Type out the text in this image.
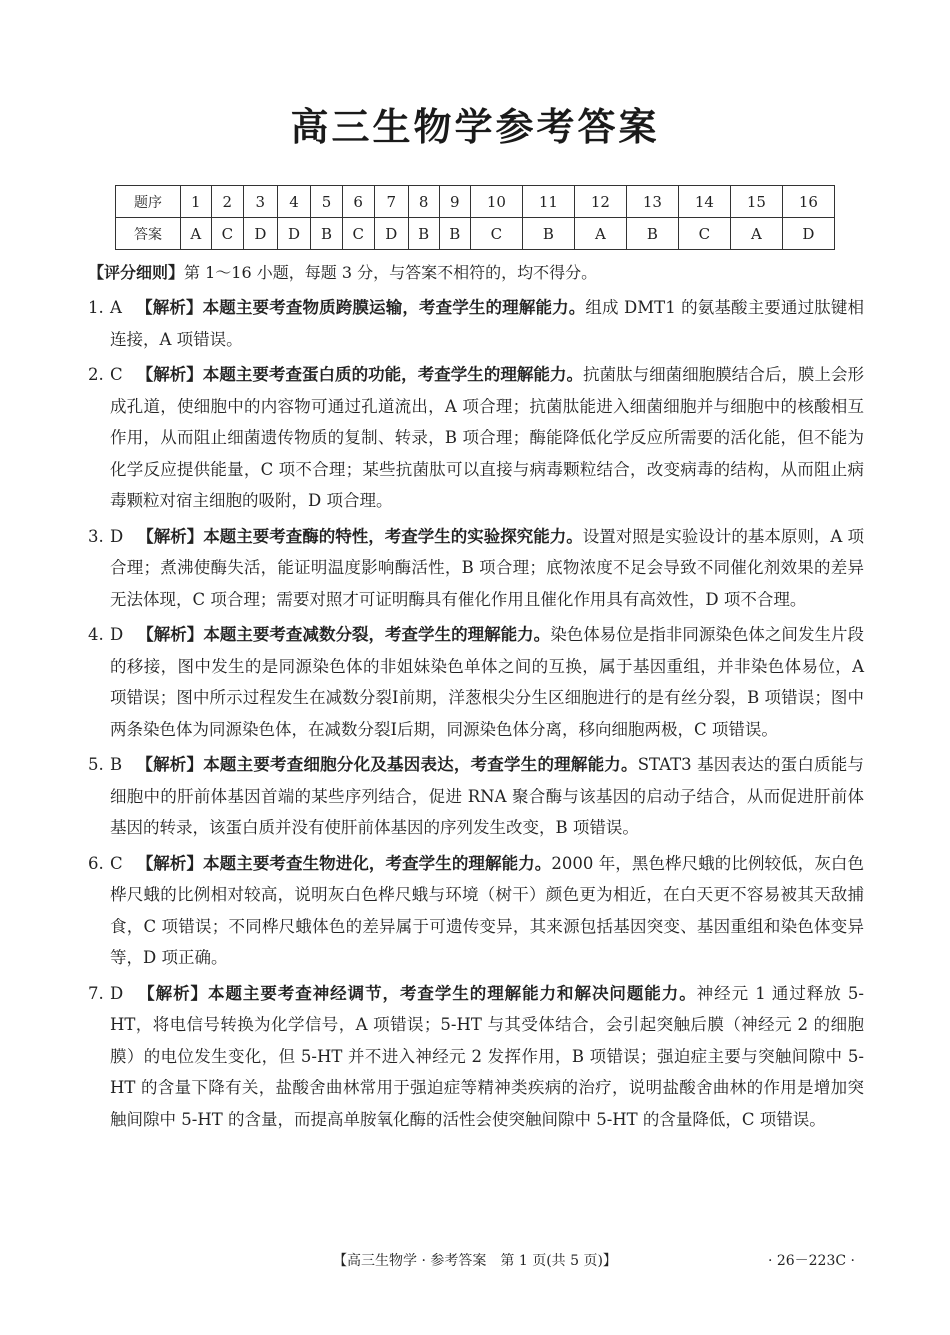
高三生物学参考答案
题序	1	2	3	4	5	6	7	8	9	10	11	12	13	14	15	16
答案	A	C	D	D	B	C	D	B	B	C	B	A	B	C	A	D
【评分细则】第 1～16 小题，每题 3 分，与答案不相符的，均不得分。
1. A 【解析】本题主要考查物质跨膜运输，考查学生的理解能力。组成 DMT1 的氨基酸主要通过肽键相连接，A 项错误。
2. C 【解析】本题主要考查蛋白质的功能，考查学生的理解能力。抗菌肽与细菌细胞膜结合后，膜上会形成孔道，使细胞中的内容物可通过孔道流出，A 项合理；抗菌肽能进入细菌细胞并与细胞中的核酸相互作用，从而阻止细菌遗传物质的复制、转录，B 项合理；酶能降低化学反应所需要的活化能，但不能为化学反应提供能量，C 项不合理；某些抗菌肽可以直接与病毒颗粒结合，改变病毒的结构，从而阻止病毒颗粒对宿主细胞的吸附，D 项合理。
3. D 【解析】本题主要考查酶的特性，考查学生的实验探究能力。设置对照是实验设计的基本原则，A 项合理；煮沸使酶失活，能证明温度影响酶活性，B 项合理；底物浓度不足会导致不同催化剂效果的差异无法体现，C 项合理；需要对照才可证明酶具有催化作用且催化作用具有高效性，D 项不合理。
4. D 【解析】本题主要考查减数分裂，考查学生的理解能力。染色体易位是指非同源染色体之间发生片段的移接，图中发生的是同源染色体的非姐妹染色单体之间的互换，属于基因重组，并非染色体易位，A 项错误；图中所示过程发生在减数分裂Ⅰ前期，洋葱根尖分生区细胞进行的是有丝分裂，B 项错误；图中两条染色体为同源染色体，在减数分裂Ⅰ后期，同源染色体分离，移向细胞两极，C 项错误。
5. B 【解析】本题主要考查细胞分化及基因表达，考查学生的理解能力。STAT3 基因表达的蛋白质能与细胞中的肝前体基因首端的某些序列结合，促进 RNA 聚合酶与该基因的启动子结合，从而促进肝前体基因的转录，该蛋白质并没有使肝前体基因的序列发生改变，B 项错误。
6. C 【解析】本题主要考查生物进化，考查学生的理解能力。2000 年，黑色桦尺蛾的比例较低，灰白色桦尺蛾的比例相对较高，说明灰白色桦尺蛾与环境（树干）颜色更为相近，在白天更不容易被其天敌捕食，C 项错误；不同桦尺蛾体色的差异属于可遗传变异，其来源包括基因突变、基因重组和染色体变异等，D 项正确。
7. D 【解析】本题主要考查神经调节，考查学生的理解能力和解决问题能力。神经元 1 通过释放 5-HT，将电信号转换为化学信号，A 项错误；5-HT 与其受体结合，会引起突触后膜（神经元 2 的细胞膜）的电位发生变化，但 5-HT 并不进入神经元 2 发挥作用，B 项错误；强迫症主要与突触间隙中 5-HT 的含量下降有关，盐酸舍曲林常用于强迫症等精神类疾病的治疗，说明盐酸舍曲林的作用是增加突触间隙中 5-HT 的含量，而提高单胺氧化酶的活性会使突触间隙中 5-HT 的含量降低，C 项错误。
【高三生物学 · 参考答案　第 1 页(共 5 页)】	· 26－223C ·
